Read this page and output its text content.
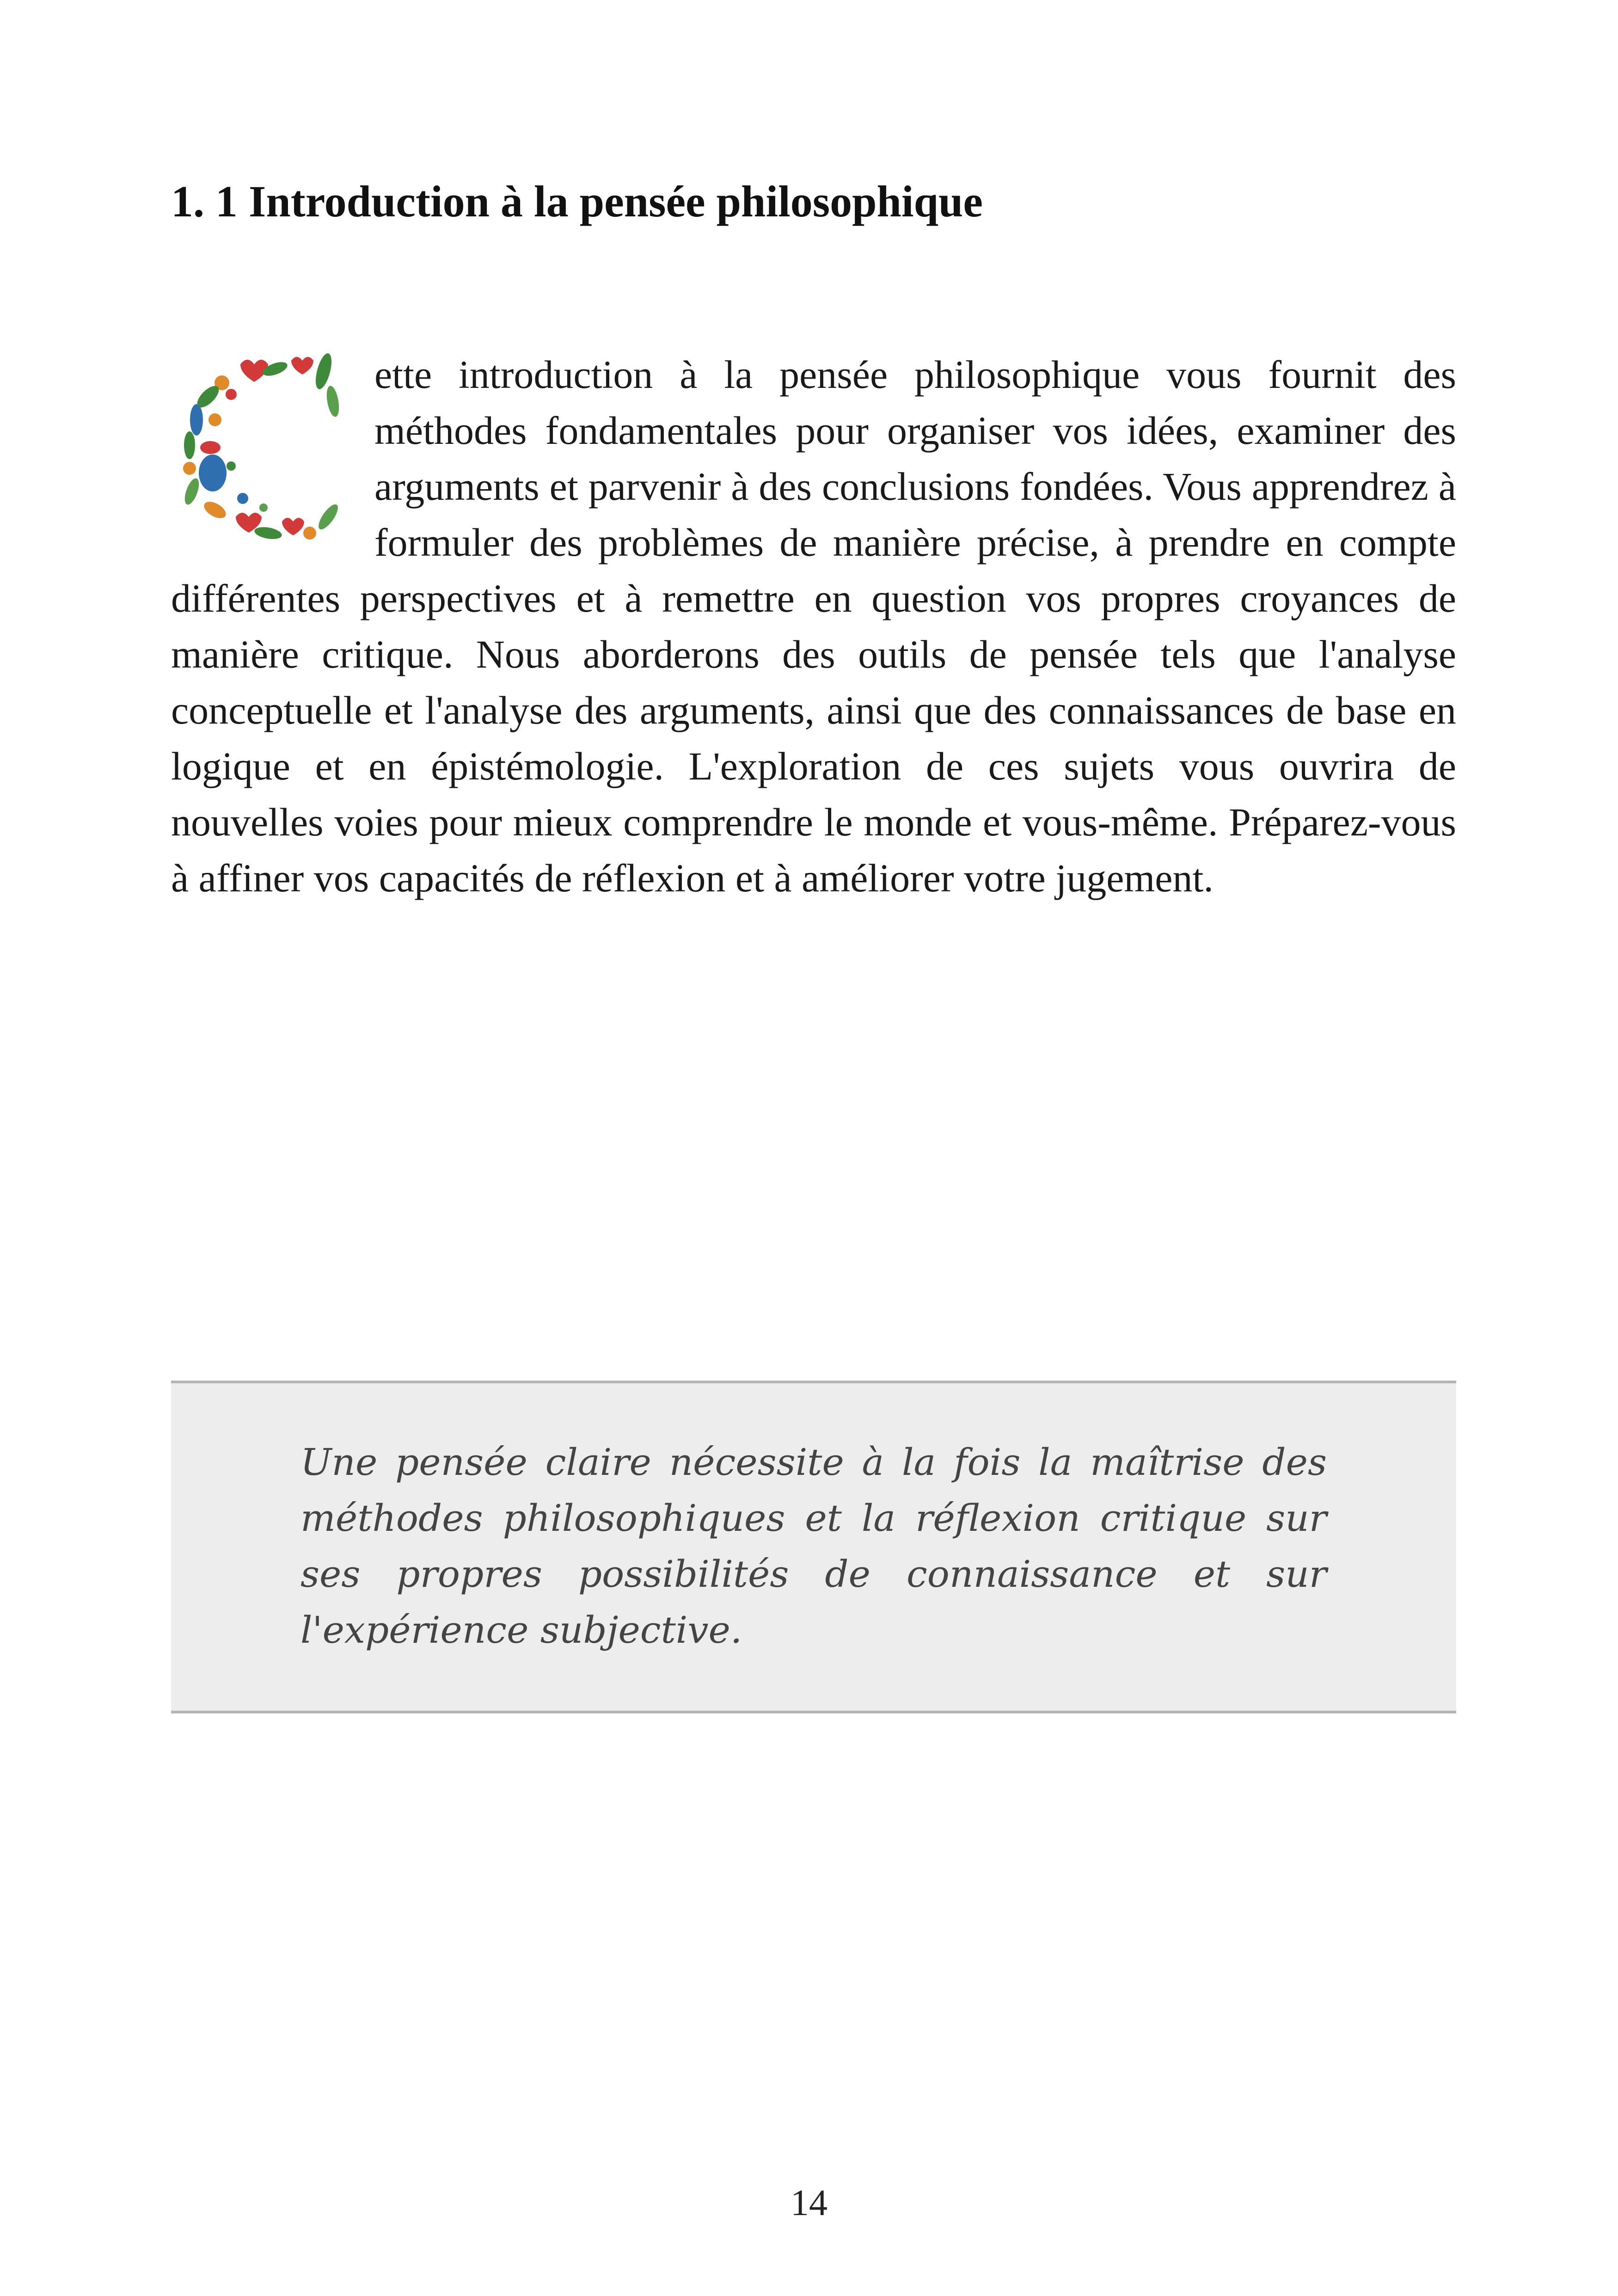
1. 1 Introduction à la pensée philosophique

ette introduction à la pensée philosophique vous fournit des méthodes fondamentales pour organiser vos idées, examiner des arguments et parvenir à des conclusions fondées. Vous apprendrez à formuler des problèmes de manière précise, à prendre en compte différentes perspectives et à remettre en question vos propres croyances de manière critique. Nous aborderons des outils de pensée tels que l'analyse conceptuelle et l'analyse des arguments, ainsi que des connaissances de base en logique et en épistémologie. L'exploration de ces sujets vous ouvrira de nouvelles voies pour mieux comprendre le monde et vous-même. Préparez-vous à affiner vos capacités de réflexion et à améliorer votre jugement.

Une pensée claire nécessite à la fois la maîtrise des méthodes philosophiques et la réflexion critique sur ses propres possibilités de connaissance et sur l'expérience subjective.

14
